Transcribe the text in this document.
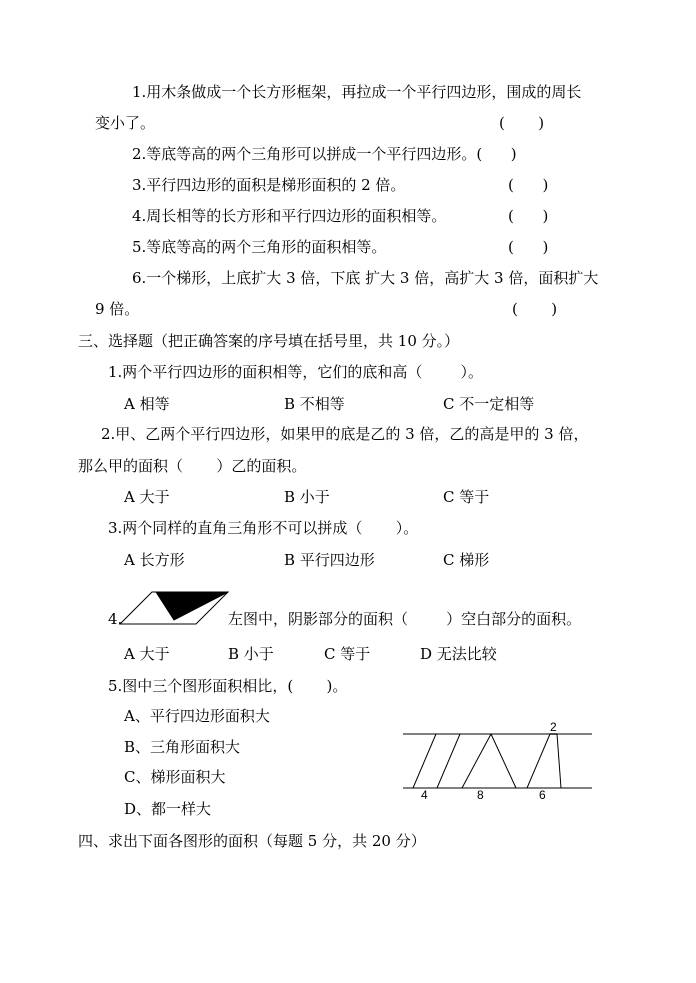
1.用木条做成一个长方形框架，再拉成一个平行四边形，围成的周长
变小了。	(       )
2.等底等高的两个三角形可以拼成一个平行四边形。(      )
3.平行四边形的面积是梯形面积的 2 倍。	(      )
4.周长相等的长方形和平行四边形的面积相等。	(      )
5.等底等高的两个三角形的面积相等。	(      )
6.一个梯形，上底扩大 3 倍，下底 扩大 3 倍，高扩大 3 倍，面积扩大
9 倍。	(       )
三、选择题（把正确答案的序号填在括号里，共 10 分。）
1.两个平行四边形的面积相等，它们的底和高（        ）。
A 相等	B 不相等	C 不一定相等
2.甲、乙两个平行四边形，如果甲的底是乙的 3 倍，乙的高是甲的 3 倍，
那么甲的面积（       ）乙的面积。
A 大于	B 小于	C 等于
3.两个同样的直角三角形不可以拼成（       ）。
A 长方形	B 平行四边形	C 梯形
4.	左图中，阴影部分的面积（        ）空白部分的面积。
A 大于	B 小于	C 等于	D 无法比较
5.图中三个图形面积相比，(       )。
A、平行四边形面积大
B、三角形面积大
C、梯形面积大
D、都一样大
2
4	8	6
四、求出下面各图形的面积（每题 5 分，共 20 分）
